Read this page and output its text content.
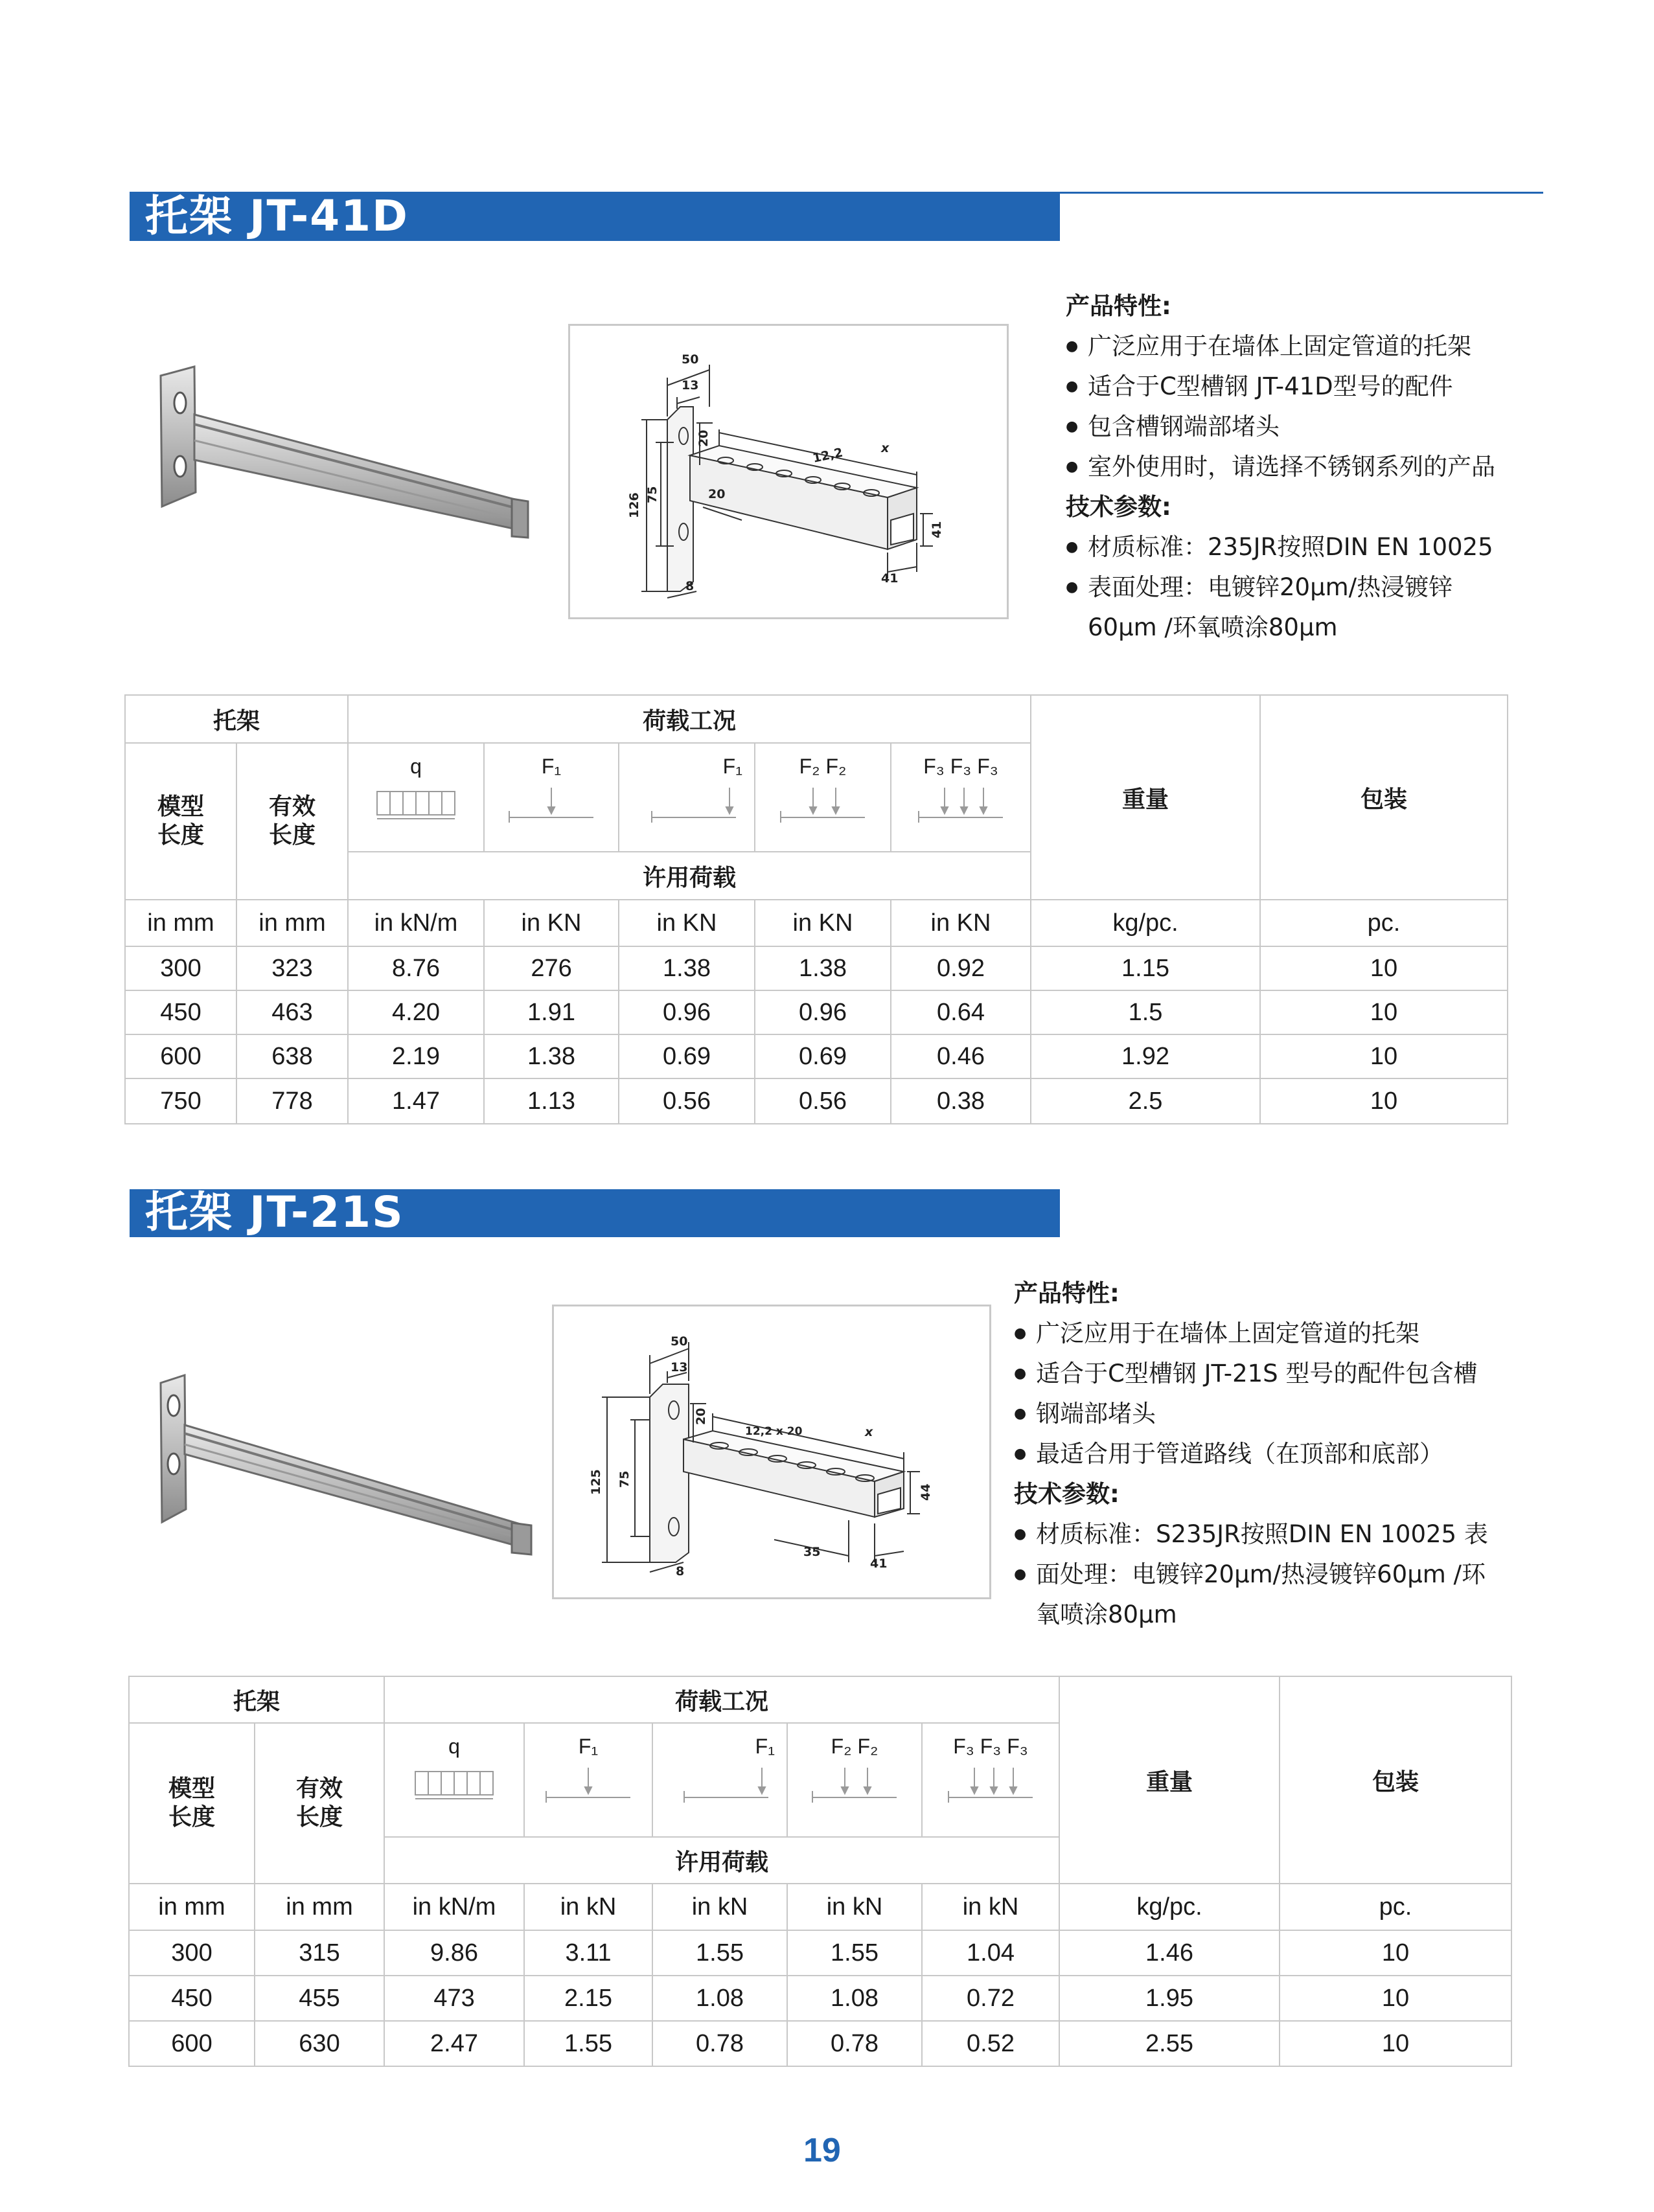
托架 JT-41D
50
13
20
12,2	x
126 75	20
41
41
8
产品特性:
● 广泛应用于在墙体上固定管道的托架
● 适合于C型槽钢 JT-41D型号的配件
● 包含槽钢端部堵头
● 室外使用时，请选择不锈钢系列的产品
技术参数:
● 材质标准：235JR按照DIN EN 10025
● 表面处理：电镀锌20μm/热浸镀锌
60μm /环氧喷涂80μm
托架		荷载工况					重量	包装

模型长度	有效长度	q	F₁	F₁	F₂ F₂	F₃ F₃ F₃		

		许用荷载						
in mm	in mm	in kN/m	in KN	in KN	in KN	in KN	kg/pc.	pc.
300	323	8.76	276	1.38	1.38	0.92	1.15	10
450	463	4.20	1.91	0.96	0.96	0.64	1.5	10
600	638	2.19	1.38	0.69	0.69	0.46	1.92	10
750	778	1.47	1.13	0.56	0.56	0.38	2.5	10
托架 JT-21S
50
13
20
12,2 x 20	x
125 75
44
35
41
8
产品特性:
● 广泛应用于在墙体上固定管道的托架
● 适合于C型槽钢 JT-21S 型号的配件包含槽
● 钢端部堵头
● 最适合用于管道路线（在顶部和底部）
技术参数:
● 材质标准：S235JR按照DIN EN 10025 表
● 面处理：电镀锌20μm/热浸镀锌60μm /环
氧喷涂80μm
托架		荷载工况					重量	包装

模型长度	有效长度	q	F₁	F₁	F₂ F₂	F₃ F₃ F₃		

		许用荷载						
in mm	in mm	in kN/m	in kN	in kN	in kN	in kN	kg/pc.	pc.
300	315	9.86	3.11	1.55	1.55	1.04	1.46	10
450	455	473	2.15	1.08	1.08	0.72	1.95	10
600	630	2.47	1.55	0.78	0.78	0.52	2.55	10
19
